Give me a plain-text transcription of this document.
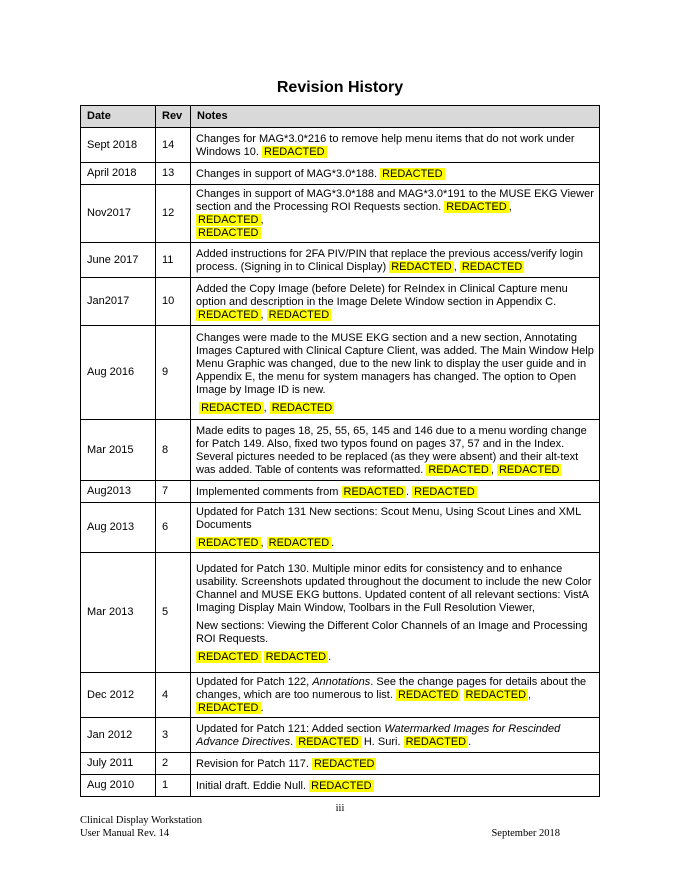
Revision History
Date	Rev	Notes
Sept 2018	14	Changes for MAG*3.0*216 to remove help menu items that do not work under Windows 10. REDACTED

April 2018	13	Changes in support of MAG*3.0*188. REDACTED

Nov2017	12	Changes in support of MAG*3.0*188 and MAG*3.0*191 to the MUSE EKG Viewer section and the Processing ROI Requests section. REDACTED ,
REDACTED ,
REDACTED

June 2017	11	Added instructions for 2FA PIV/PIN that replace the previous access/verify login process. (Signing in to Clinical Display) REDACTED , REDACTED

Jan2017	10	Added the Copy Image (before Delete) for ReIndex in Clinical Capture menu option and description in the Image Delete Window section in Appendix C. REDACTED , REDACTED

Aug 2016	9	Changes were made to the MUSE EKG section and a new section, Annotating Images Captured with Clinical Capture Client, was added. The Main Window Help Menu Graphic was changed, due to the new link to display the user guide and in Appendix E, the menu for system managers has changed. The option to Open Image by Image ID is new.

REDACTED , REDACTED

Mar 2015	8	Made edits to pages 18, 25, 55, 65, 145 and 146 due to a menu wording change for Patch 149. Also, fixed two typos found on pages 37, 57 and in the Index. Several pictures needed to be replaced (as they were absent) and their alt-text was added. Table of contents was reformatted. REDACTED , REDACTED

Aug2013	7	Implemented comments from REDACTED . REDACTED

Aug 2013	6	Updated for Patch 131 New sections: Scout Menu, Using Scout Lines and XML Documents

REDACTED , REDACTED .

Mar 2013	5	Updated for Patch 130. Multiple minor edits for consistency and to enhance usability. Screenshots updated throughout the document to include the new Color Channel and MUSE EKG buttons. Updated content of all relevant sections: VistA Imaging Display Main Window, Toolbars in the Full Resolution Viewer,

New sections: Viewing the Different Color Channels of an Image and Processing ROI Requests.

REDACTED REDACTED .

Dec 2012	4	Updated for Patch 122, Annotations. See the change pages for details about the changes, which are too numerous to list. REDACTED REDACTED ,
REDACTED .

Jan 2012	3	Updated for Patch 121: Added section Watermarked Images for Rescinded Advance Directives. REDACTED H. Suri. REDACTED .

July 2011	2	Revision for Patch 117. REDACTED

Aug 2010	1	Initial draft. Eddie Null. REDACTED

iii
Clinical Display Workstation
User Manual Rev. 14	September 2018
